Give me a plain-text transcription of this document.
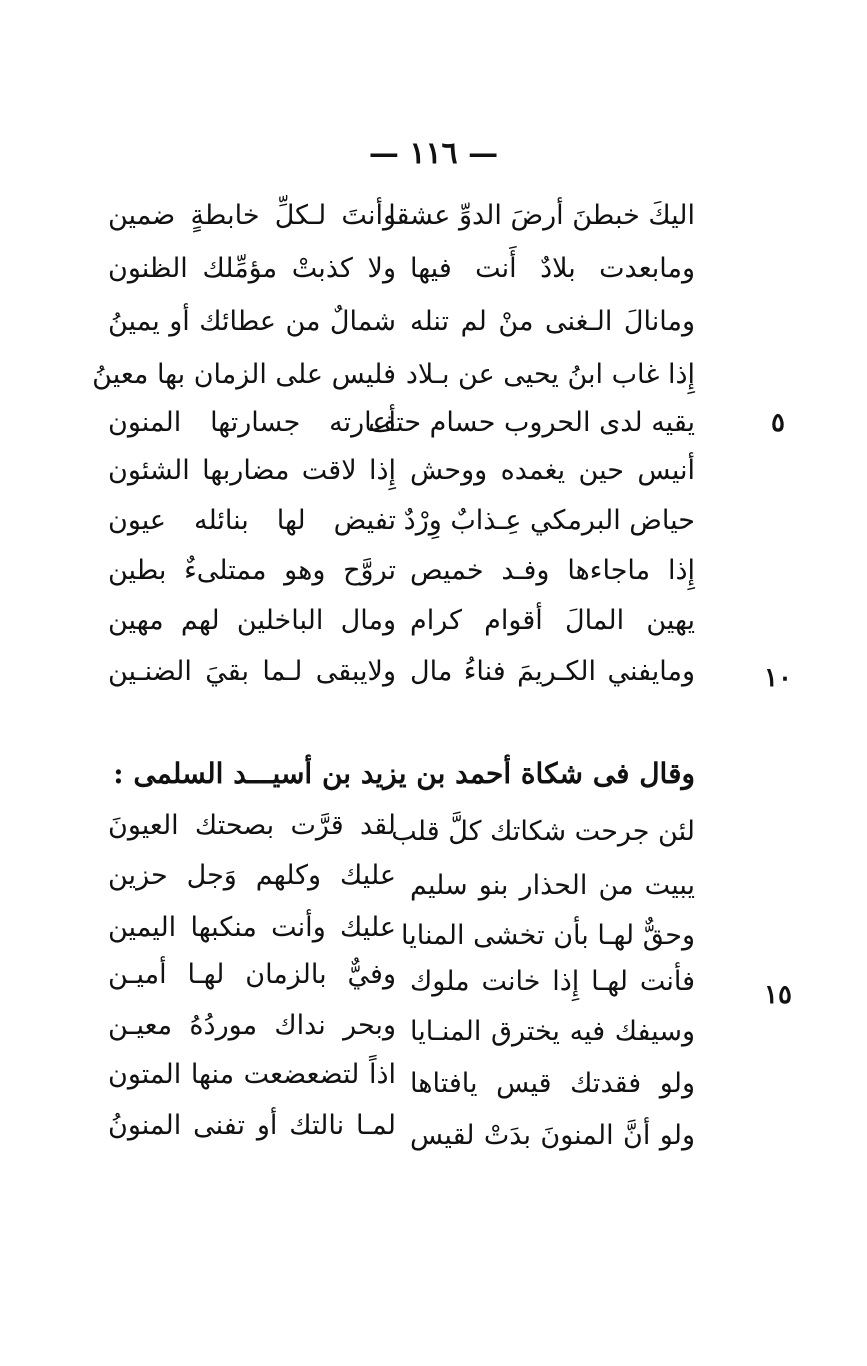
— ١١٦ —
اليكَ خبطنَ أرضَ الدوِّ عشقا
وأنتَ لـكلِّ خابطةٍ ضمين
ومابعدت بلادٌ أَنت فيها
ولا كذبتْ مؤمِّلك الظنون
ومانالَ الـغنى منْ لم تنله
شمالٌ من عطائك أو يمينُ
إِذا غاب ابنُ يحيى عن بـلاد
فليس على الزمان بها معينُ
يقيه لدى الحروب حسام حتف
أعارته جسارتها المنون	٥
أنيس حين يغمده ووحش
إِذا لاقت مضاربها الشئون
حياض البرمكي عِـذابٌ وِرْدٌ
تفيض لها بنائله عيون
إِذا ماجاءها وفـد خميص
تروَّح وهو ممتلىءٌ بطين
يهين المالَ أقوام كرام
ومال الباخلين لهم مهين
ومايفني الكـريمَ فناءُ مال
ولايبقى لـما بقيَ الضنـين	١٠
وقال فى شكاة أحمد بن يزيد بن أسيـــد السلمى :
لئن جرحت شكاتك كلَّ قلب
لقد قرَّت بصحتك العيونَ
يبيت من الحذار بنو سليم
عليك وكلهم وَجل حزين
وحقٌّ لهـا بأن تخشى المنايا
عليك وأنت منكبها اليمين
فأنت لهـا إِذا خانت ملوك
وفيٌّ بالزمان لهـا أميـن
١٥
وسيفك فيه يخترق المنـايا
وبحر نداك موردُهُ معيـن
ولو فقدتك قيس يافتاها
اذاً لتضعضعت منها المتون
ولو أنَّ المنونَ بدَتْ لقيس
لمـا نالتك أو تفنى المنونُ
